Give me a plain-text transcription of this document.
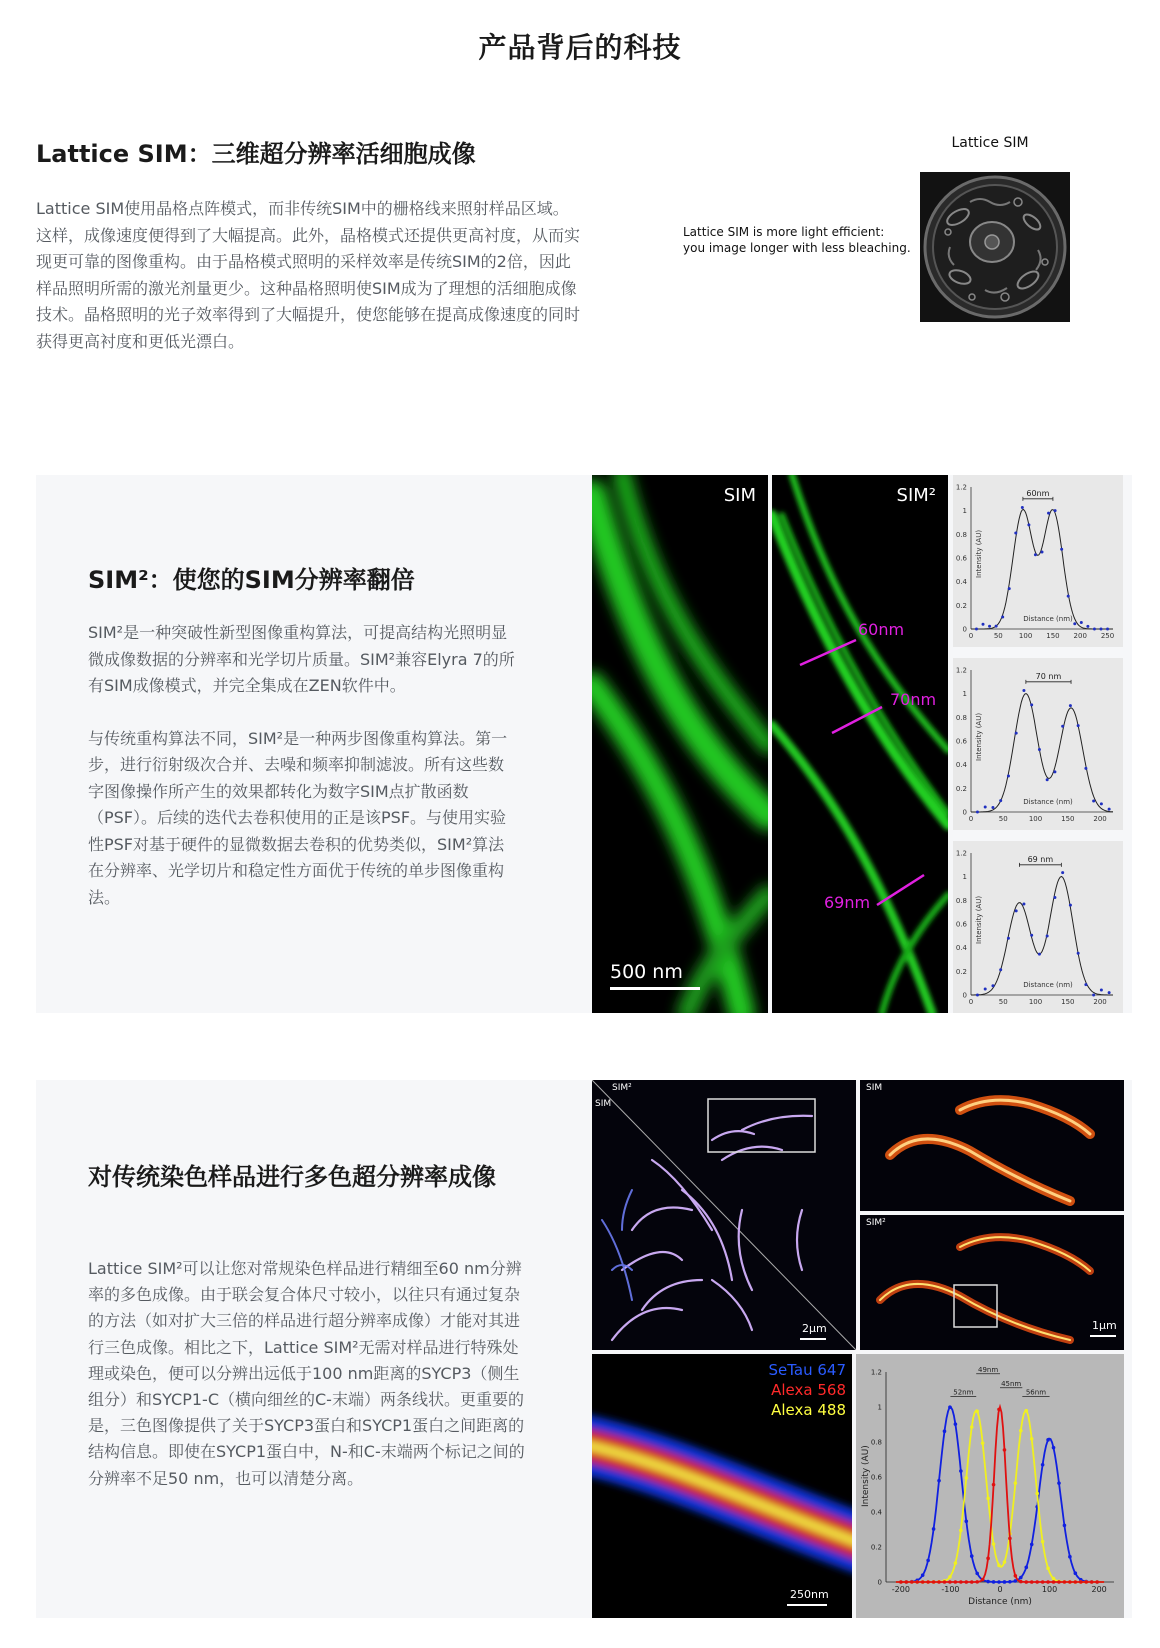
产品背后的科技
Lattice SIM：三维超分辨率活细胞成像
Lattice SIM使用晶格点阵模式，而非传统SIM中的栅格线来照射样品区域。这样，成像速度便得到了大幅提高。此外，晶格模式还提供更高衬度，从而实现更可靠的图像重构。由于晶格模式照明的采样效率是传统SIM的2倍，因此样品照明所需的激光剂量更少。这种晶格照明使SIM成为了理想的活细胞成像技术。晶格照明的光子效率得到了大幅提升，使您能够在提高成像速度的同时获得更高衬度和更低光漂白。
Lattice SIM
Lattice SIM is more light efficient:
you image longer with less bleaching.
SIM²：使您的SIM分辨率翻倍

SIM²是一种突破性新型图像重构算法，可提高结构光照明显微成像数据的分辨率和光学切片质量。SIM²兼容Elyra 7的所有SIM成像模式，并完全集成在ZEN软件中。

与传统重构算法不同，SIM²是一种两步图像重构算法。第一步，进行衍射级次合并、去噪和频率抑制滤波。所有这些数字图像操作所产生的效果都转化为数字SIM点扩散函数（PSF）。后续的迭代去卷积使用的正是该PSF。与使用实验性PSF对基于硬件的显微数据去卷积的优势类似，SIM²算法在分辨率、光学切片和稳定性方面优于传统的单步图像重构法。

SIM
500 nm
SIM²
60nm
70nm
69nm
0
0.2
0.4
0.6
0.8
1
1.2
0	50 100 150 200 250
Intensity (AU)
Distance (nm)
60nm
0
0.2
0.4
0.6
0.8
1
1.2
0	50	100	150	200
Intensity (AU)
Distance (nm)
70 nm
0
0.2
0.4
0.6
0.8
1
1.2
0	50	100	150	200
Intensity (AU)
Distance (nm)
69 nm
对传统染色样品进行多色超分辨率成像
Lattice SIM²可以让您对常规染色样品进行精细至60 nm分辨率的多色成像。由于联会复合体尺寸较小，以往只有通过复杂的方法（如对扩大三倍的样品进行超分辨率成像）才能对其进行三色成像。相比之下，Lattice SIM²无需对样品进行特殊处理或染色，便可以分辨出远低于100 nm距离的SYCP3（侧生组分）和SYCP1-C（横向细丝的C-末端）两条线状。更重要的是，三色图像提供了关于SYCP3蛋白和SYCP1蛋白之间距离的结构信息。即使在SYCP1蛋白中，N-和C-末端两个标记之间的分辨率不足50 nm，也可以清楚分离。
SIM²
SIM
2µm
SIM
SIM²
1µm
SeTau 647
Alexa 568
Alexa 488
250nm
0
0.2
0.4
0.6
0.8
1
1.2
-200	-100	0	100	200
Intensity (AU)
Distance (nm)
52nm
49nm
45nm
56nm
